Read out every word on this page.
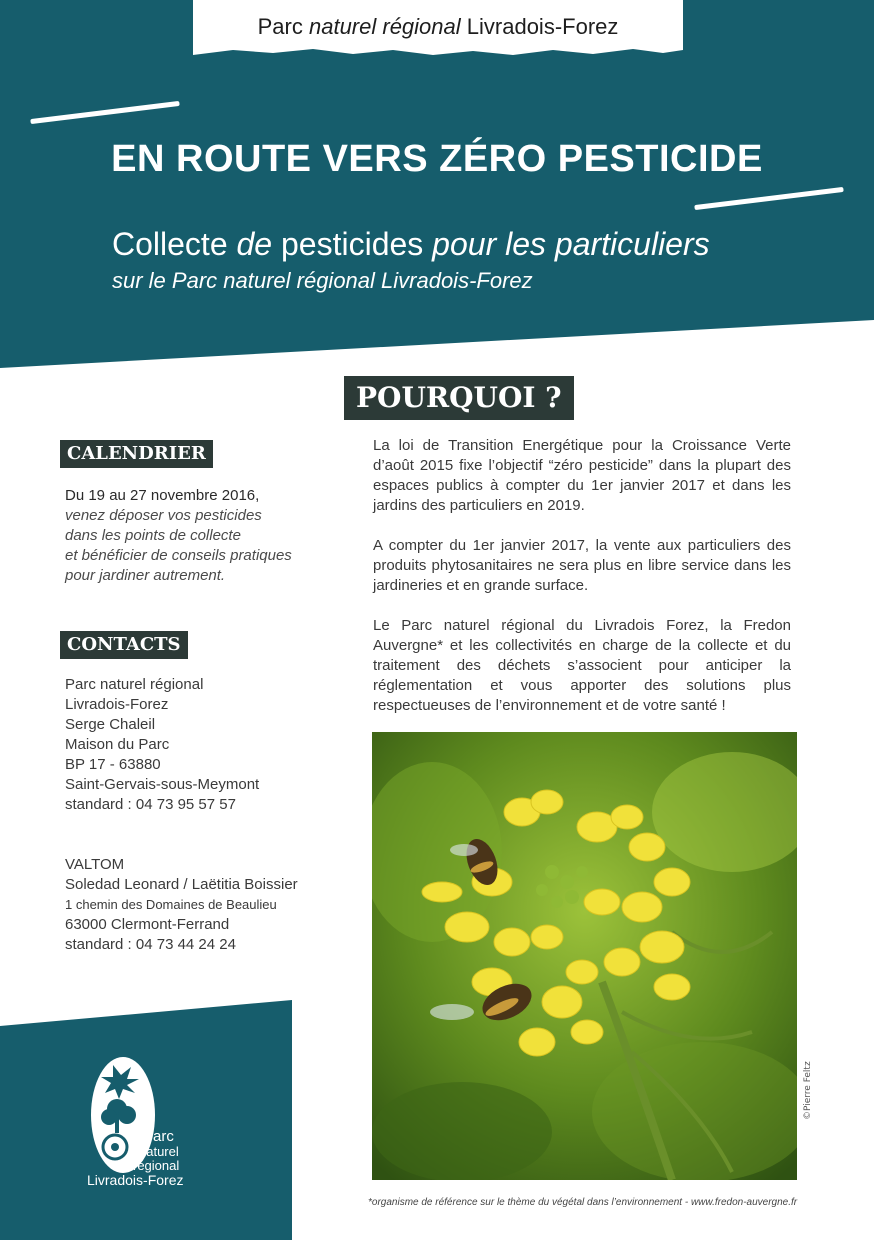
Parc naturel régional Livradois-Forez
EN ROUTE VERS ZÉRO PESTICIDE
Collecte de pesticides pour les particuliers
sur le Parc naturel régional Livradois-Forez
POURQUOI ?
CALENDRIER
CONTACTS
Du 19 au 27 novembre 2016,
venez déposer vos pesticides
dans les points de collecte
et bénéficier de conseils pratiques
pour jardiner autrement.
Parc naturel régional
Livradois-Forez
Serge Chaleil
Maison du Parc
BP 17 - 63880
Saint-Gervais-sous-Meymont
standard : 04 73 95 57 57
VALTOM
Soledad Leonard / Laëtitia Boissier
1 chemin des Domaines de Beaulieu
63000 Clermont-Ferrand
standard : 04 73 44 24 24

La loi de Transition Energétique pour la Croissance Verte d’août 2015 fixe l’objectif “zéro pesticide” dans la plupart des espaces publics à compter du 1er janvier 2017 et dans les jardins des particuliers en 2019.

A compter du 1er janvier 2017, la vente aux particuliers des produits phytosanitaires ne sera plus en libre service dans les jardineries et en grande surface.

Le Parc naturel régional du Livradois Forez, la Fredon Auvergne* et les collectivités en charge de la collecte et du traitement des déchets s’associent pour anticiper la réglementation et vous apporter des solutions plus respectueuses de l’environnement et de votre santé !

©Pierre Feltz
*organisme de référence sur le thème du végétal dans l’environnement - www.fredon-auvergne.fr
Parc
naturel
régional
Livradois-Forez
